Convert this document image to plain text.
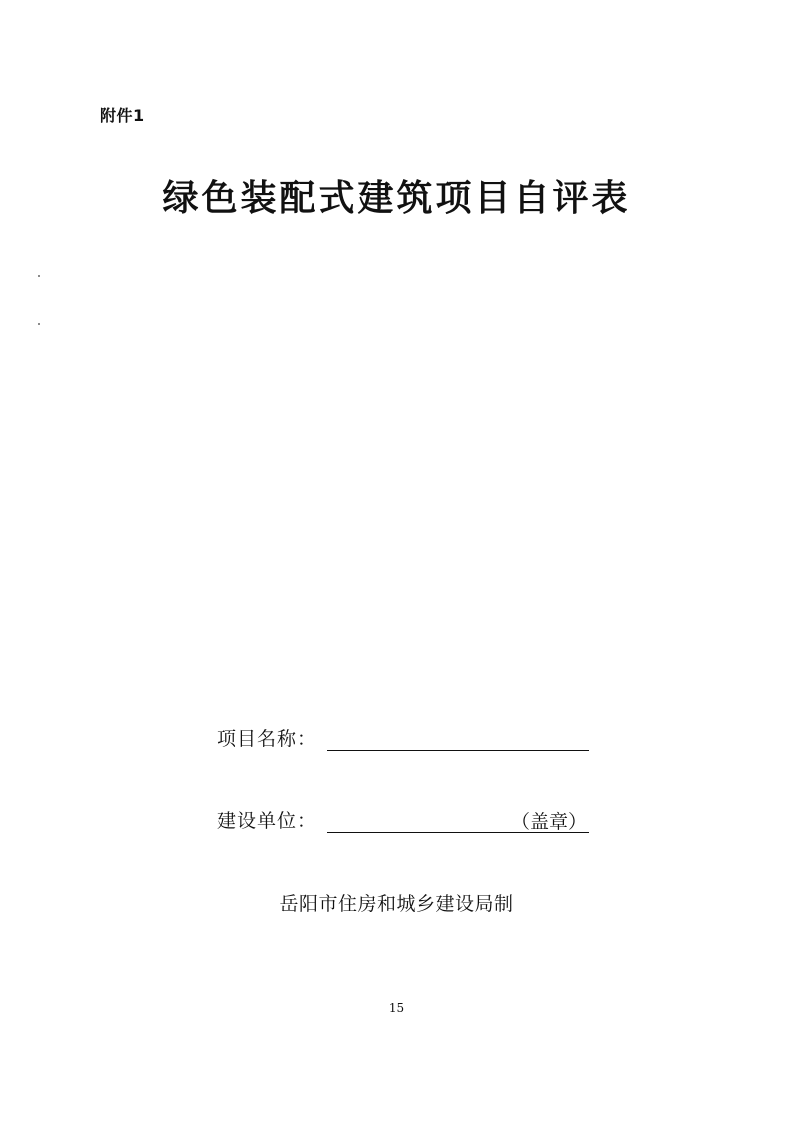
附件1
绿色装配式建筑项目自评表
项目名称：
建设单位：	（盖章）
岳阳市住房和城乡建设局制
15
